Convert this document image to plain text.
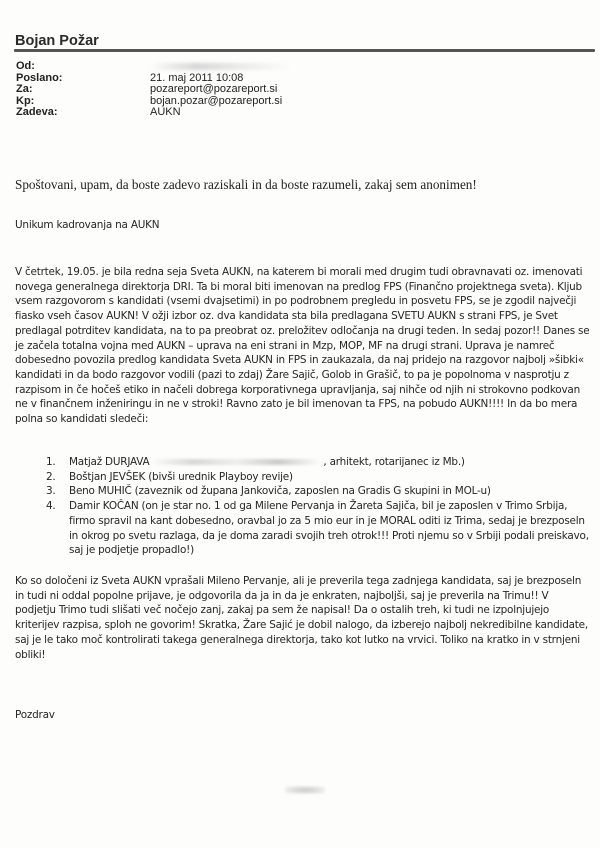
Bojan Požar
Od:
Poslano:	21. maj 2011 10:08
Za:	pozareport@pozareport.si
Kp:	bojan.pozar@pozareport.si
Zadeva:	AUKN
Spoštovani, upam, da boste zadevo raziskali in da boste razumeli, zakaj sem anonimen!
Unikum kadrovanja na AUKN
V četrtek, 19.05. je bila redna seja Sveta AUKN, na katerem bi morali med drugim tudi obravnavati oz. imenovati novega generalnega direktorja DRI. Ta bi moral biti imenovan na predlog FPS (Finančno projektnega sveta). Kljub vsem razgovorom s kandidati (vsemi dvajsetimi) in po podrobnem pregledu in posvetu FPS, se je zgodil največji fiasko vseh časov AUKN! V ožji izbor oz. dva kandidata sta bila predlagana SVETU AUKN s strani FPS, je Svet predlagal potrditev kandidata, na to pa preobrat oz. preložitev odločanja na drugi teden. In sedaj pozor!! Danes se je začela totalna vojna med AUKN – uprava na eni strani in Mzp, MOP, MF na drugi strani. Uprava je namreč dobesedno povozila predlog kandidata Sveta AUKN in FPS in zaukazala, da naj pridejo na razgovor najbolj »šibki« kandidati in da bodo razgovor vodili (pazi to zdaj) Žare Sajič, Golob in Grašič, to pa je popolnoma v nasprotju z razpisom in če hočeš etiko in načeli dobrega korporativnega upravljanja, saj nihče od njih ni strokovno podkovan ne v finančnem inženiringu in ne v stroki! Ravno zato je bil imenovan ta FPS, na pobudo AUKN!!!! In da bo mera polna so kandidati sledeči:
1.	Matjaž DURJAVA	, arhitekt, rotarijanec iz Mb.)
2.	Boštjan JEVŠEK (bivši urednik Playboy revije)
3.	Beno MUHIČ (zaveznik od župana Jankoviča, zaposlen na Gradis G skupini in MOL-u)
4.	Damir KOČAN (on je star no. 1 od ga Milene Pervanja in Žareta Sajiča, bil je zaposlen v Trimo Srbija, firmo spravil na kant dobesedno, oravbal jo za 5 mio eur in je MORAL oditi iz Trima, sedaj je brezposeln in okrog po svetu razlaga, da je doma zaradi svojih treh otrok!!! Proti njemu so v Srbiji podali preiskavo, saj je podjetje propadlo!)
Ko so določeni iz Sveta AUKN vprašali Mileno Pervanje, ali je preverila tega zadnjega kandidata, saj je brezposeln in tudi ni oddal popolne prijave, je odgovorila da ja in da je enkraten, najboljši, saj je preverila na Trimu!! V podjetju Trimo tudi slišati več nočejo zanj, zakaj pa sem že napisal! Da o ostalih treh, ki tudi ne izpolnjujejo kriterijev razpisa, sploh ne govorim! Skratka, Žare Sajić je dobil nalogo, da izberejo najbolj nekredibilne kandidate, saj je le tako moč kontrolirati takega generalnega direktorja, tako kot lutko na vrvici. Toliko na kratko in v strnjeni obliki!
Pozdrav
